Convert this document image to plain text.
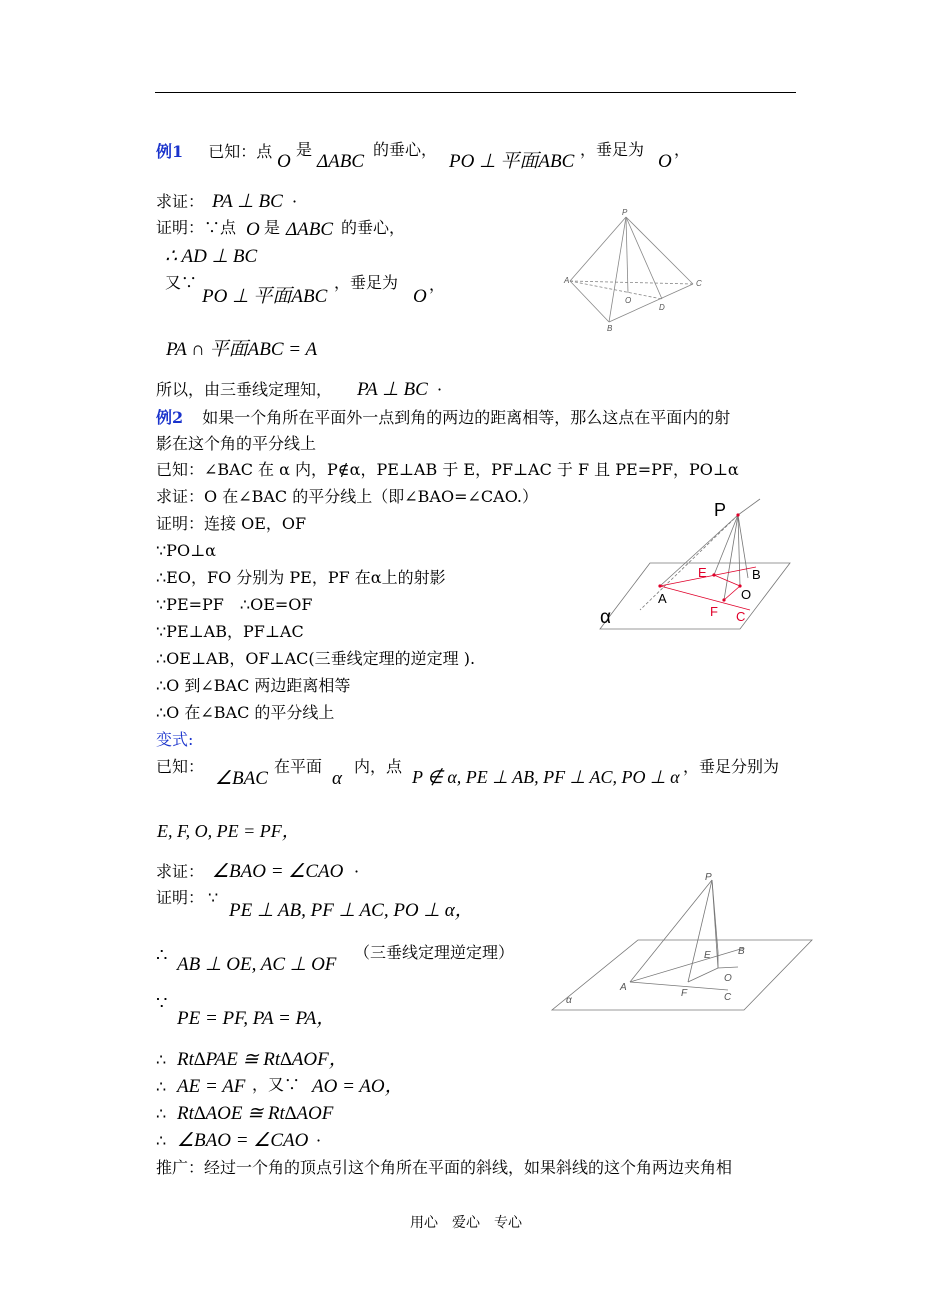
例1 已知：点 O
是
ΔABC
的垂心，
PO ⊥ 平面ABC
，垂足为
O
，
求证： PA ⊥ BC ·
证明：∵点 O 是 ΔABC 的垂心，
∴ AD ⊥ BC
又∵
PO ⊥ 平面ABC
，垂足为
O
，
PA ∩ 平面ABC = A
所以，由三垂线定理知， PA ⊥ BC ·
P
A
B
C
O
D
例2 如果一个角所在平面外一点到角的两边的距离相等，那么这点在平面内的射
影在这个角的平分线上
已知：∠BAC 在 α 内，P∉α，PE⊥AB 于 E，PF⊥AC 于 F 且 PE=PF，PO⊥α
求证：O 在∠BAC 的平分线上（即∠BAO=∠CAO.）
证明：连接 OE，OF
∵PO⊥α
∴EO，FO 分别为 PE，PF 在α上的射影
∵PE=PF　∴OE=OF
∵PE⊥AB，PF⊥AC
∴OE⊥AB，OF⊥AC(三垂线定理的逆定理 ).
∴O 到∠BAC 两边距离相等
∴O 在∠BAC 的平分线上
P
E	B
A	O
F C
α
变式:
已知：
∠BAC
在平面
α
内，点
P ∉ α, PE ⊥ AB, PF ⊥ AC, PO ⊥ α
，垂足分别为
E, F, O, PE = PF，
求证： ∠BAO = ∠CAO ·
证明： ∵
PE ⊥ AB, PF ⊥ AC, PO ⊥ α，
∴ AB ⊥ OE, AC ⊥ OF
（三垂线定理逆定理）
∵
PE = PF, PA = PA，
∴ Rt∆PAE ≅ Rt∆AOF，
∴ AE = AF ，又∵ AO = AO，
∴ Rt∆AOE ≅ Rt∆AOF
∴ ∠BAO = ∠CAO ·
P
E	B
O
A
F	C
α
推广：经过一个角的顶点引这个角所在平面的斜线，如果斜线的这个角两边夹角相
用心　爱心　专心
